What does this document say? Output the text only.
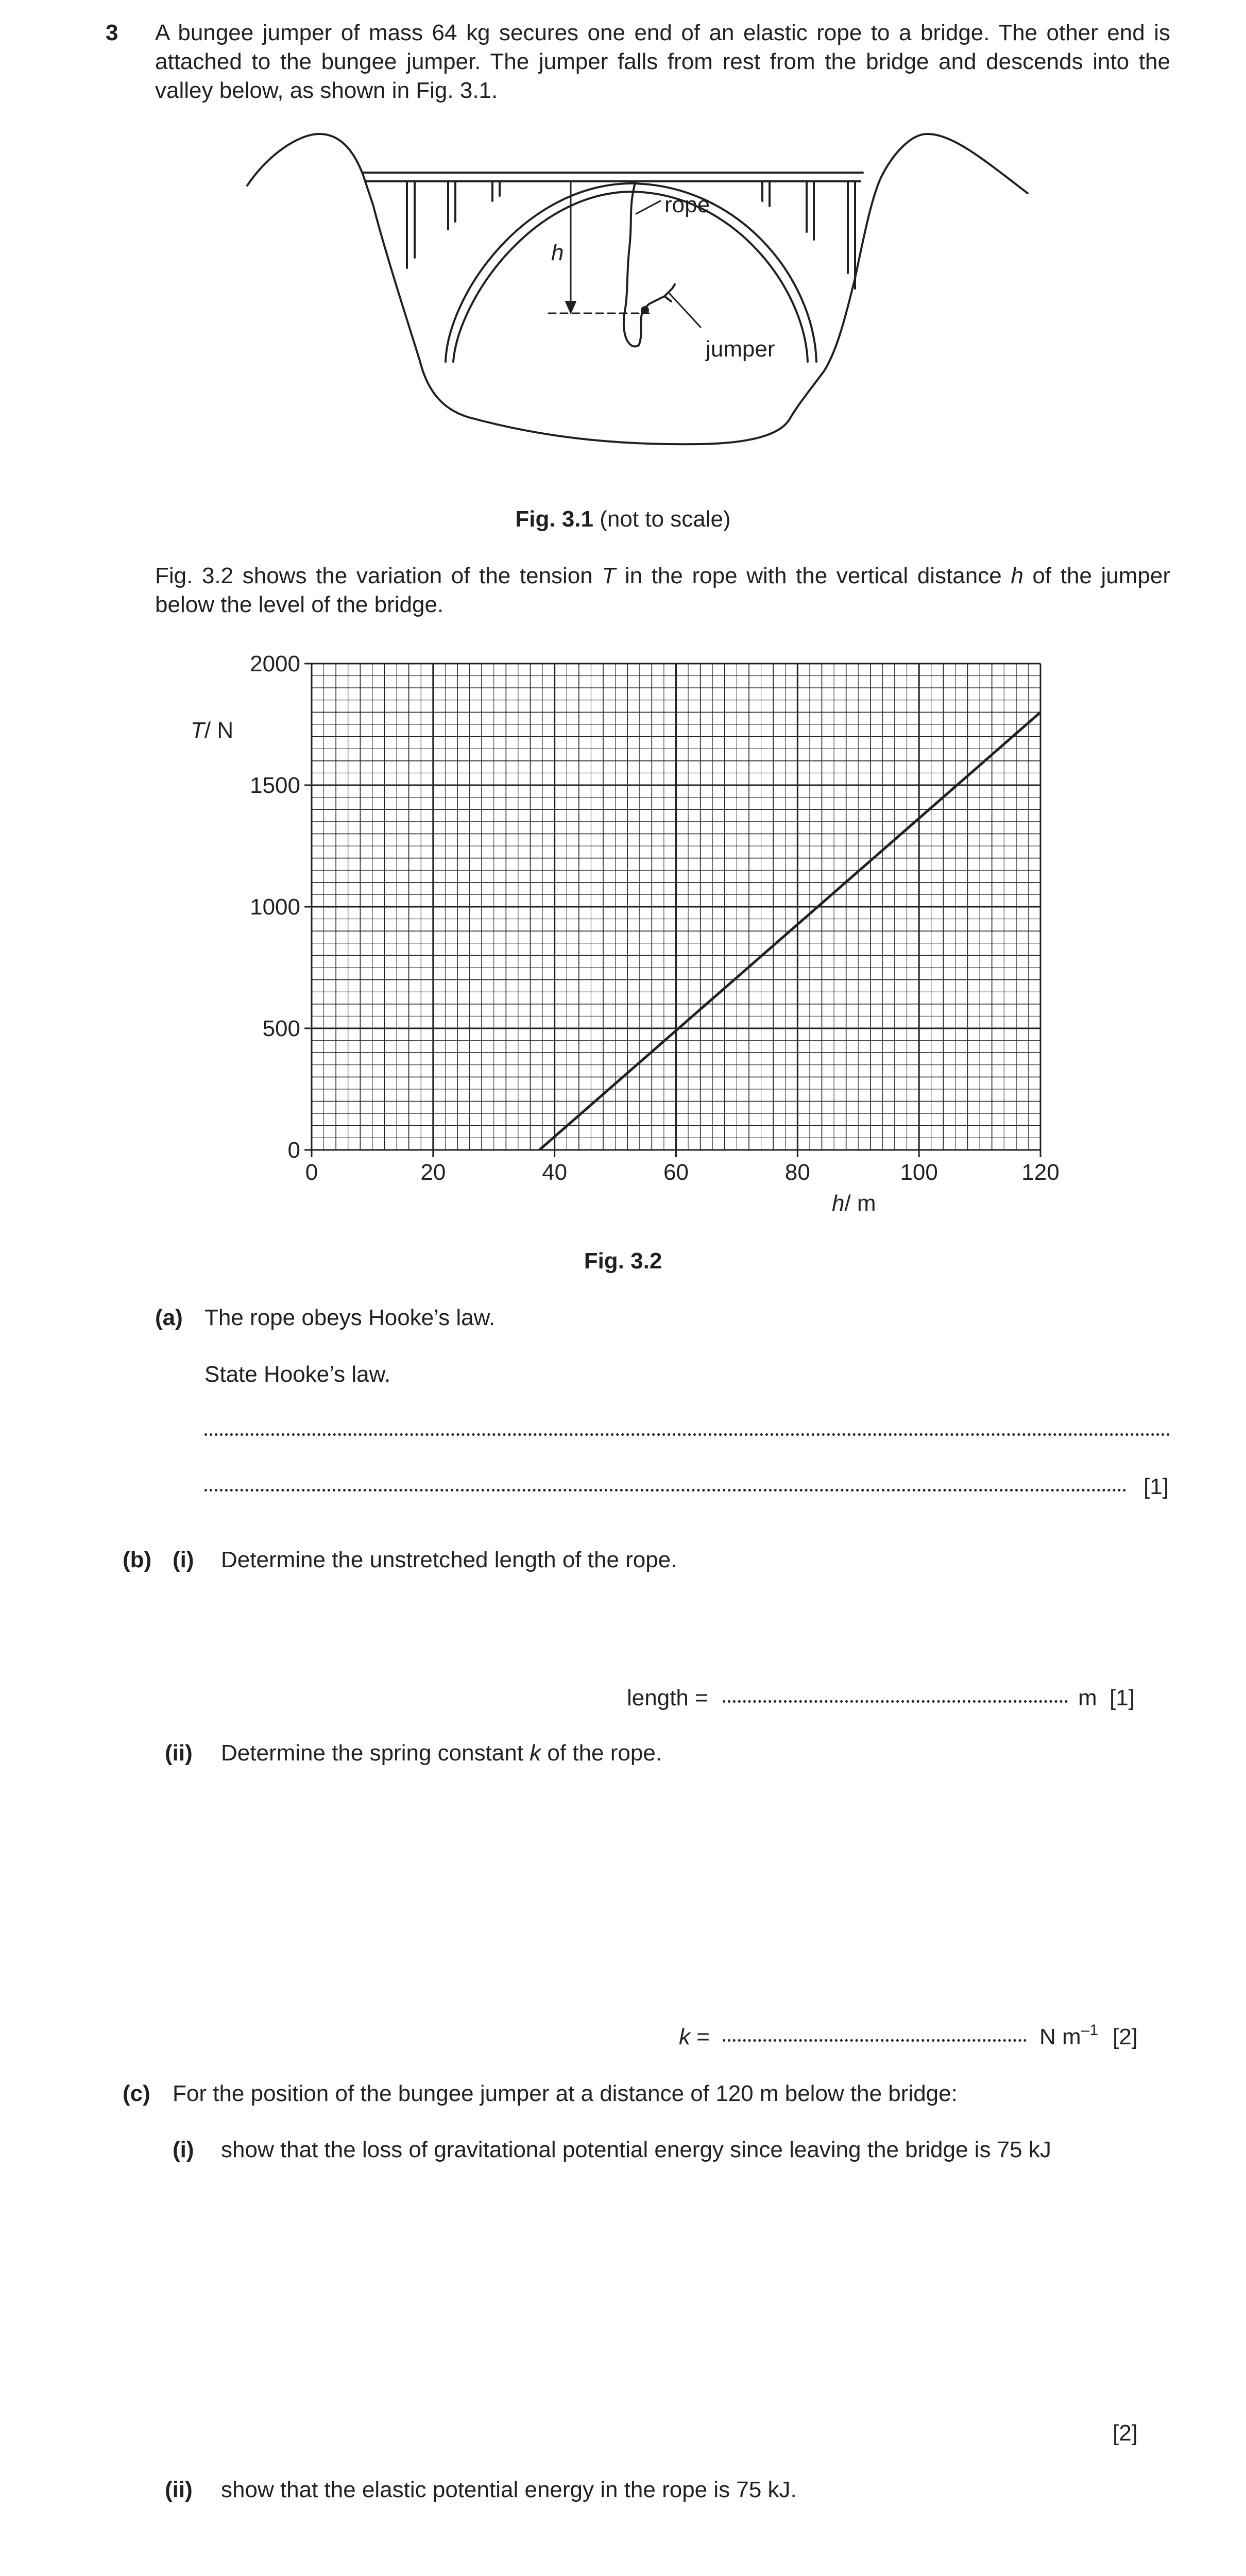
3 A bungee jumper of mass 64 kg secures one end of an elastic rope to a bridge. The other end is
attached to the bungee jumper. The jumper falls from rest from the bridge and descends into the
valley below, as shown in Fig. 3.1.
h
rope
jumper
Fig. 3.1 (not to scale)
Fig. 3.2 shows the variation of the tension T in the rope with the vertical distance h of the jumper
below the level of the bridge.
0	20	40	60	80	100	120
0
500
1000
1500
2000
T/ N
h/ m
Fig. 3.2
(a) The rope obeys Hooke’s law.
State Hooke’s law.
[1]
(b) (i) Determine the unstretched length of the rope.
length =	m [1]
(ii) Determine the spring constant k of the rope.
k =	N $m^{-1}$ [2]
(c) For the position of the bungee jumper at a distance of 120 m below the bridge:
(i) show that the loss of gravitational potential energy since leaving the bridge is 75 kJ
[2]
(ii) show that the elastic potential energy in the rope is 75 kJ.
